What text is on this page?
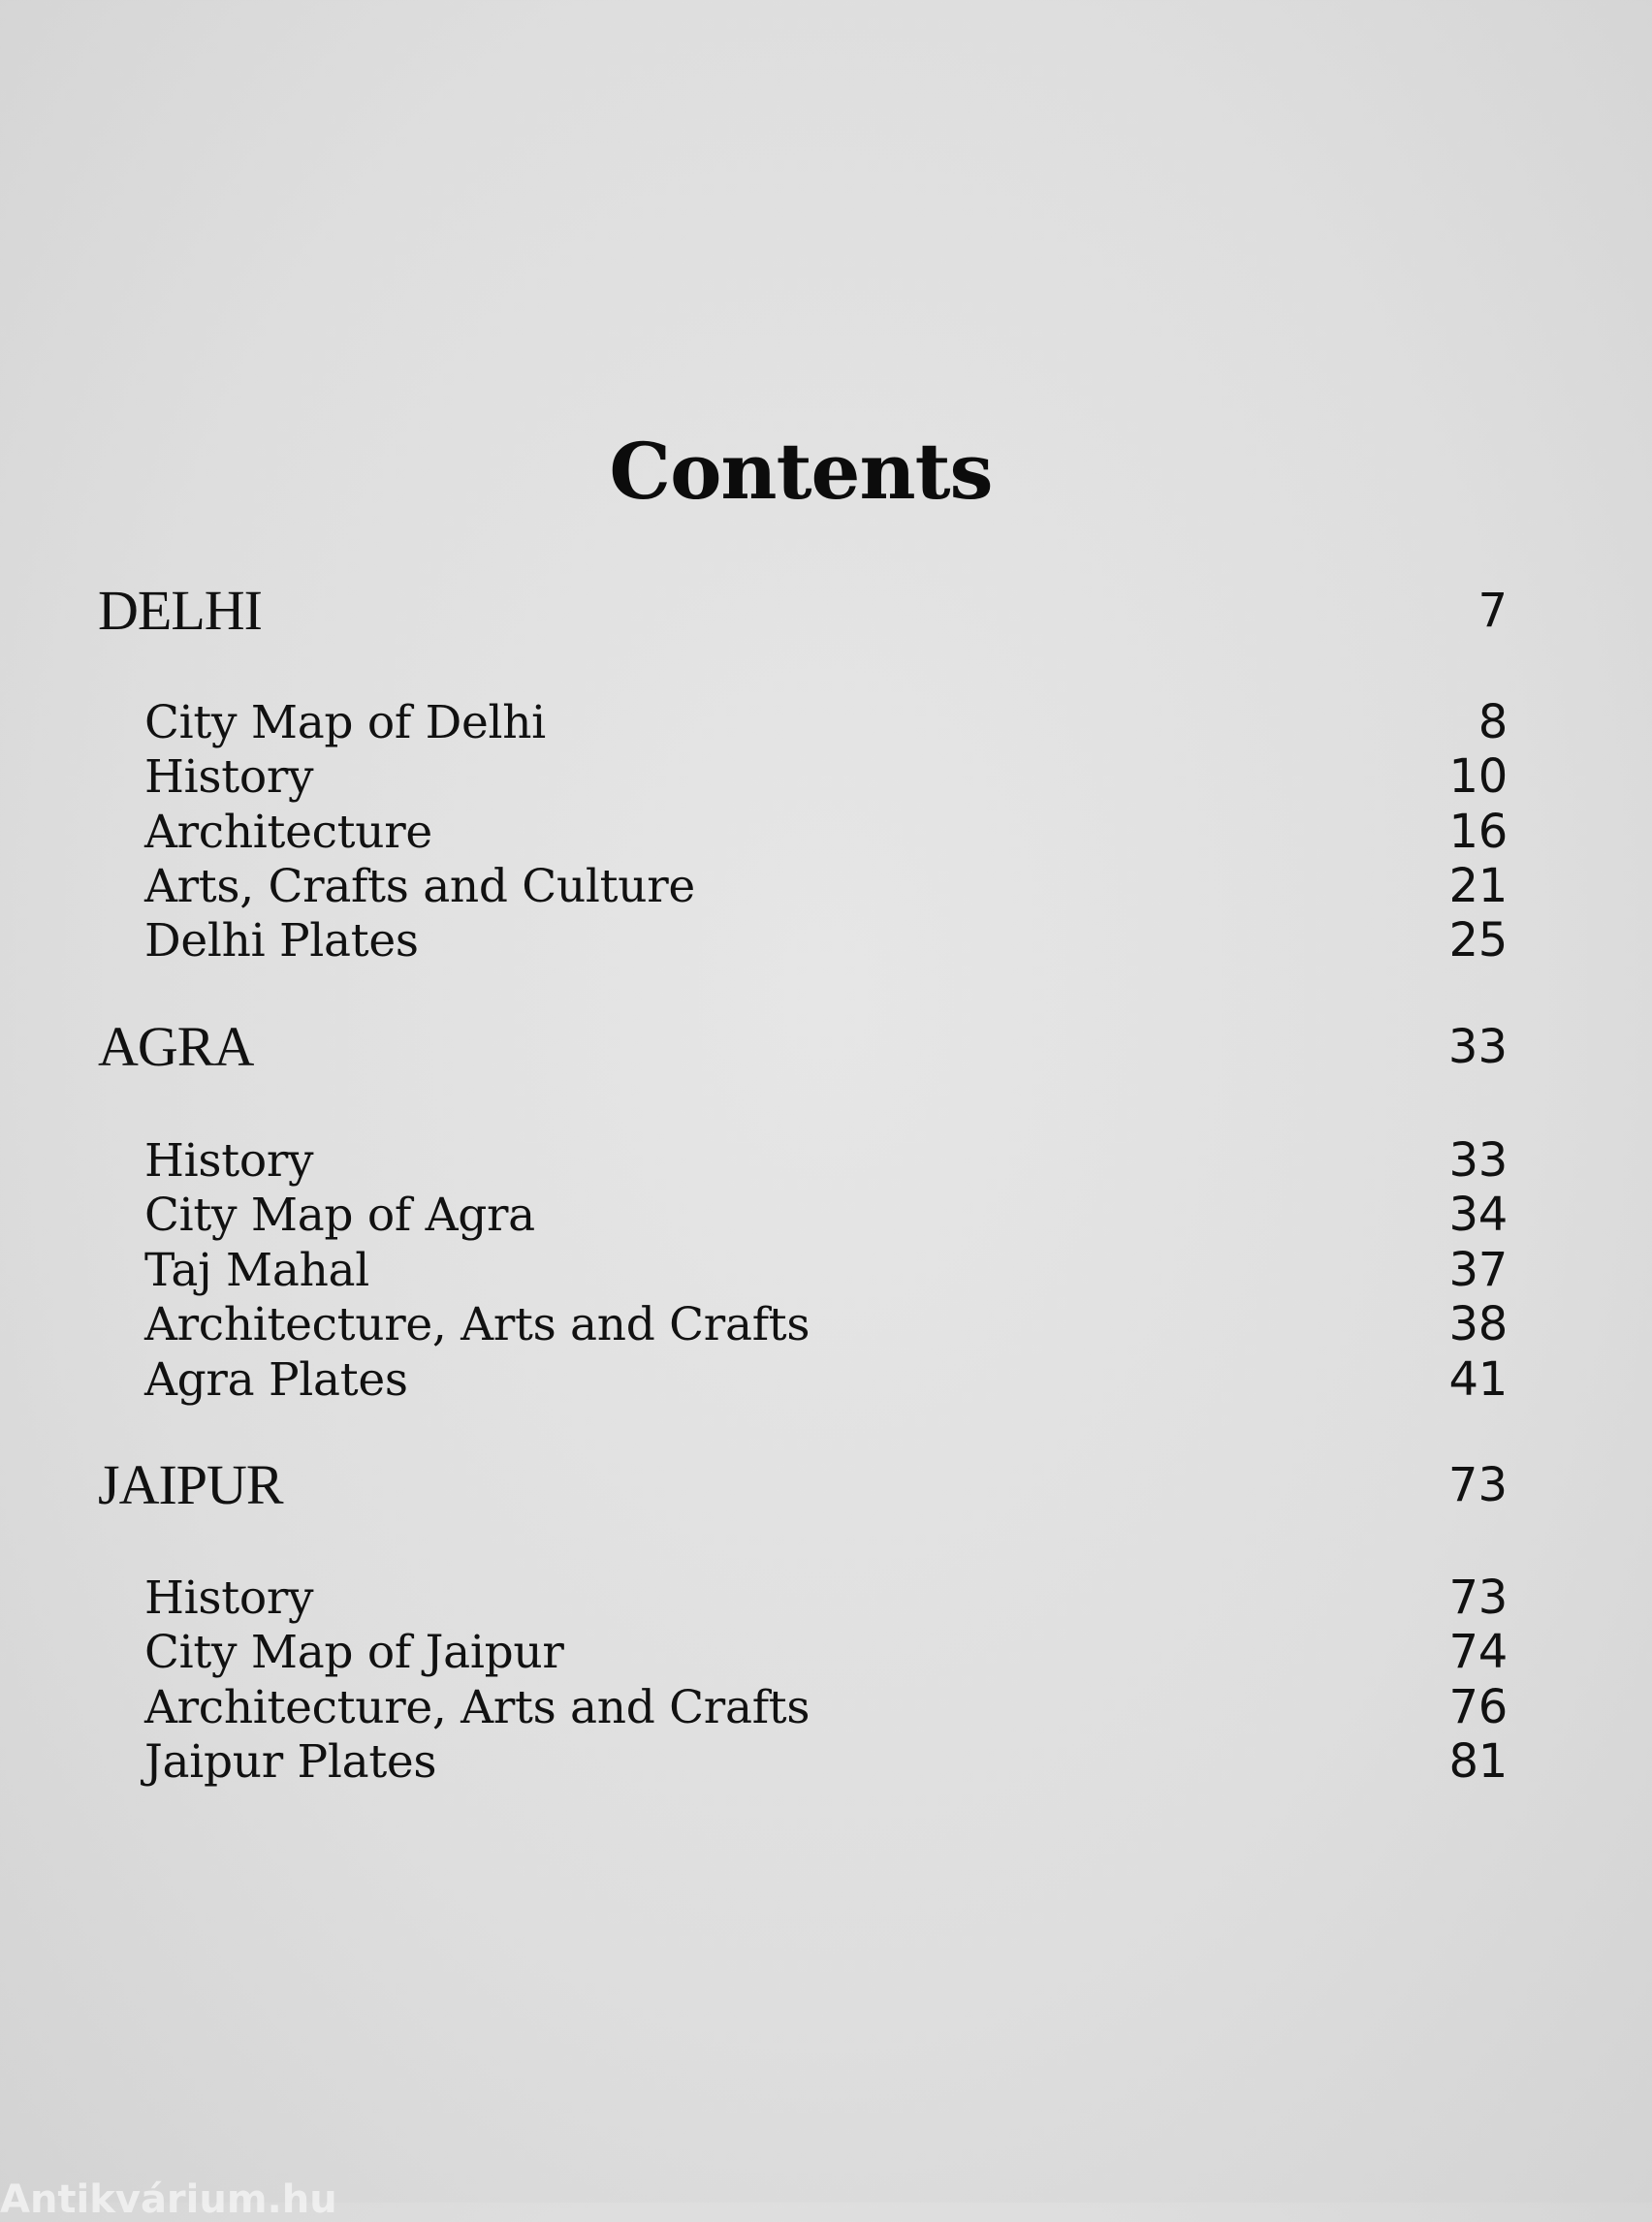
Contents
DELHI	7
City Map of Delhi	8
History	10
Architecture	16
Arts, Crafts and Culture	21
Delhi Plates	25
AGRA	33
History	33
City Map of Agra	34
Taj Mahal	37
Architecture, Arts and Crafts	38
Agra Plates	41
JAIPUR	73
History	73
City Map of Jaipur	74
Architecture, Arts and Crafts	76
Jaipur Plates	81
Antikvárium.hu
